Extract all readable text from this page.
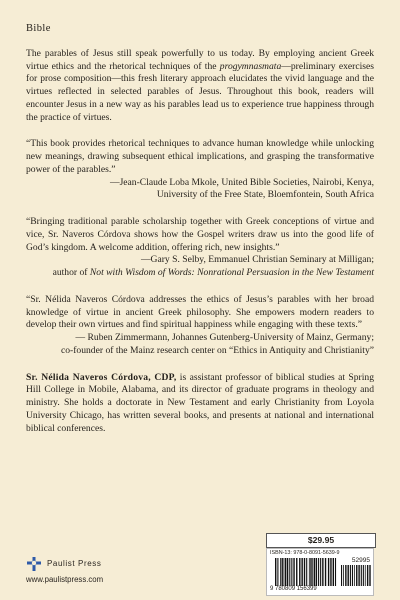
Bible

The parables of Jesus still speak powerfully to us today. By employing ancient Greek virtue ethics and the rhetorical techniques of the progymnasmata—preliminary exercises for prose composition—this fresh literary approach elucidates the vivid language and the virtues reflected in selected parables of Jesus. Throughout this book, readers will encounter Jesus in a new way as his parables lead us to experience true happiness through the practice of virtues.

“This book provides rhetorical techniques to advance human knowledge while unlocking new meanings, drawing subsequent ethical implications, and grasping the transformative power of the parables.”

—Jean-Claude Loba Mkole, United Bible Societies, Nairobi, Kenya,
University of the Free State, Bloemfontein, South Africa

“Bringing traditional parable scholarship together with Greek conceptions of virtue and vice, Sr. Naveros Córdova shows how the Gospel writers draw us into the good life of God’s kingdom. A welcome addition, offering rich, new insights.”

—Gary S. Selby, Emmanuel Christian Seminary at Milligan;
author of Not with Wisdom of Words: Nonrational Persuasion in the New Testament

“Sr. Nélida Naveros Córdova addresses the ethics of Jesus’s parables with her broad knowledge of virtue in ancient Greek philosophy. She empowers modern readers to develop their own virtues and find spiritual happiness while engaging with these texts.”

— Ruben Zimmermann, Johannes Gutenberg-University of Mainz, Germany;
co-founder of the Mainz research center on “Ethics in Antiquity and Christianity”

Sr. Nélida Naveros Córdova, CDP, is assistant professor of biblical studies at Spring Hill College in Mobile, Alabama, and its director of graduate programs in theology and ministry. She holds a doctorate in New Testament and early Christianity from Loyola University Chicago, has written several books, and presents at national and international biblical conferences.

Paulist Press
www.paulistpress.com
$29.95
ISBN-13: 978-0-8091-5639-9
52995
9 780809 156399
